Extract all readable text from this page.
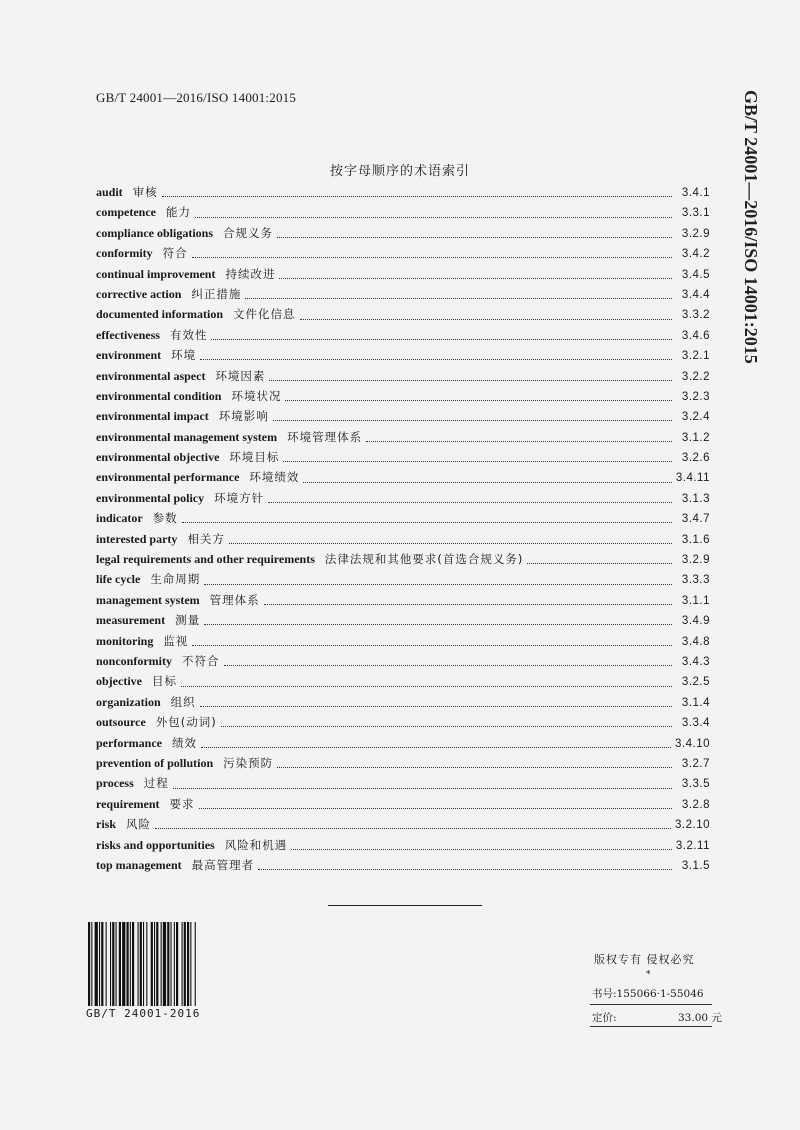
GB/T 24001—2016/ISO 14001:2015	GB/T 24001—2016/ISO 14001:2015
按字母顺序的术语索引
audit 审核	3.4.1
competence 能力	3.3.1
compliance obligations 合规义务	3.2.9
conformity 符合	3.4.2
continual improvement 持续改进	3.4.5
corrective action 纠正措施	3.4.4
documented information 文件化信息	3.3.2
effectiveness 有效性	3.4.6
environment 环境	3.2.1
environmental aspect 环境因素	3.2.2
environmental condition 环境状况	3.2.3
environmental impact 环境影响	3.2.4
environmental management system 环境管理体系	3.1.2
environmental objective 环境目标	3.2.6
environmental performance 环境绩效	3.4.11
environmental policy 环境方针	3.1.3
indicator 参数	3.4.7
interested party 相关方	3.1.6
legal requirements and other requirements 法律法规和其他要求(首选合规义务)	3.2.9
life cycle 生命周期	3.3.3
management system 管理体系	3.1.1
measurement 测量	3.4.9
monitoring 监视	3.4.8
nonconformity 不符合	3.4.3
objective 目标	3.2.5
organization 组织	3.1.4
outsource 外包(动词)	3.3.4
performance 绩效	3.4.10
prevention of pollution 污染预防	3.2.7
process 过程	3.3.5
requirement 要求	3.2.8
risk 风险	3.2.10
risks and opportunities 风险和机遇	3.2.11
top management 最高管理者	3.1.5
GB/T 24001-2016
版权专有 侵权必究
*
书号:155066·1-55046
定价:	33.00 元
